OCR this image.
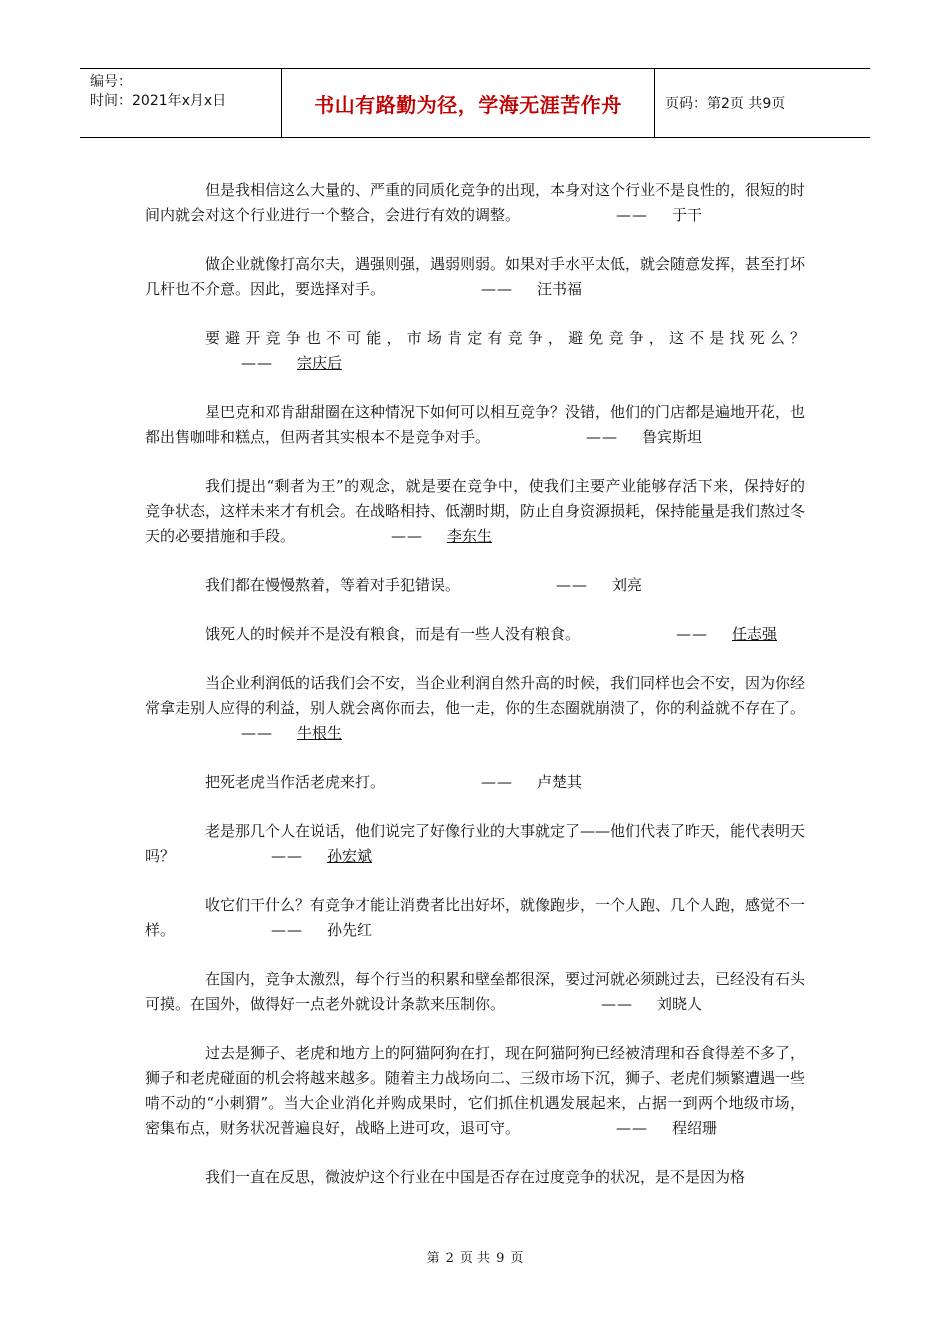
编号：
时间：2021年x月x日	书山有路勤为径，学海无涯苦作舟	页码：第2页 共9页

但是我相信这么大量的、严重的同质化竞争的出现，本身对这个行业不是良性的，很短的时间内就会对这个行业进行一个整合，会进行有效的调整。	—— 于干

做企业就像打高尔夫，遇强则强，遇弱则弱。如果对手水平太低，就会随意发挥，甚至打坏几杆也不介意。因此，要选择对手。	—— 汪书福

要避开竞争也不可能，市场肯定有竞争，避免竞争，这不是找死么？—— 宗庆后

星巴克和邓肯甜甜圈在这种情况下如何可以相互竞争？没错，他们的门店都是遍地开花，也都出售咖啡和糕点，但两者其实根本不是竞争对手。	—— 鲁宾斯坦

我们提出“剩者为王”的观念，就是要在竞争中，使我们主要产业能够存活下来，保持好的竞争状态，这样未来才有机会。在战略相持、低潮时期，防止自身资源损耗，保持能量是我们熬过冬天的必要措施和手段。	—— 李东生

我们都在慢慢熬着，等着对手犯错误。	—— 刘亮

饿死人的时候并不是没有粮食，而是有一些人没有粮食。	—— 任志强

当企业利润低的话我们会不安，当企业利润自然升高的时候，我们同样也会不安，因为你经常拿走别人应得的利益，别人就会离你而去，他一走，你的生态圈就崩溃了，你的利益就不存在了。—— 牛根生

把死老虎当作活老虎来打。	—— 卢楚其

老是那几个人在说话，他们说完了好像行业的大事就定了——他们代表了昨天，能代表明天吗？	—— 孙宏斌

收它们干什么？有竞争才能让消费者比出好坏，就像跑步，一个人跑、几个人跑，感觉不一样。	—— 孙先红

在国内，竞争太激烈，每个行当的积累和壁垒都很深，要过河就必须跳过去，已经没有石头可摸。在国外，做得好一点老外就设计条款来压制你。	—— 刘晓人

过去是狮子、老虎和地方上的阿猫阿狗在打，现在阿猫阿狗已经被清理和吞食得差不多了，狮子和老虎碰面的机会将越来越多。随着主力战场向二、三级市场下沉，狮子、老虎们频繁遭遇一些啃不动的“小刺猬”。当大企业消化并购成果时，它们抓住机遇发展起来，占据一到两个地级市场，密集布点，财务状况普遍良好，战略上进可攻，退可守。	—— 程绍珊

我们一直在反思，微波炉这个行业在中国是否存在过度竞争的状况，是不是因为格

第 2 页 共 9 页
